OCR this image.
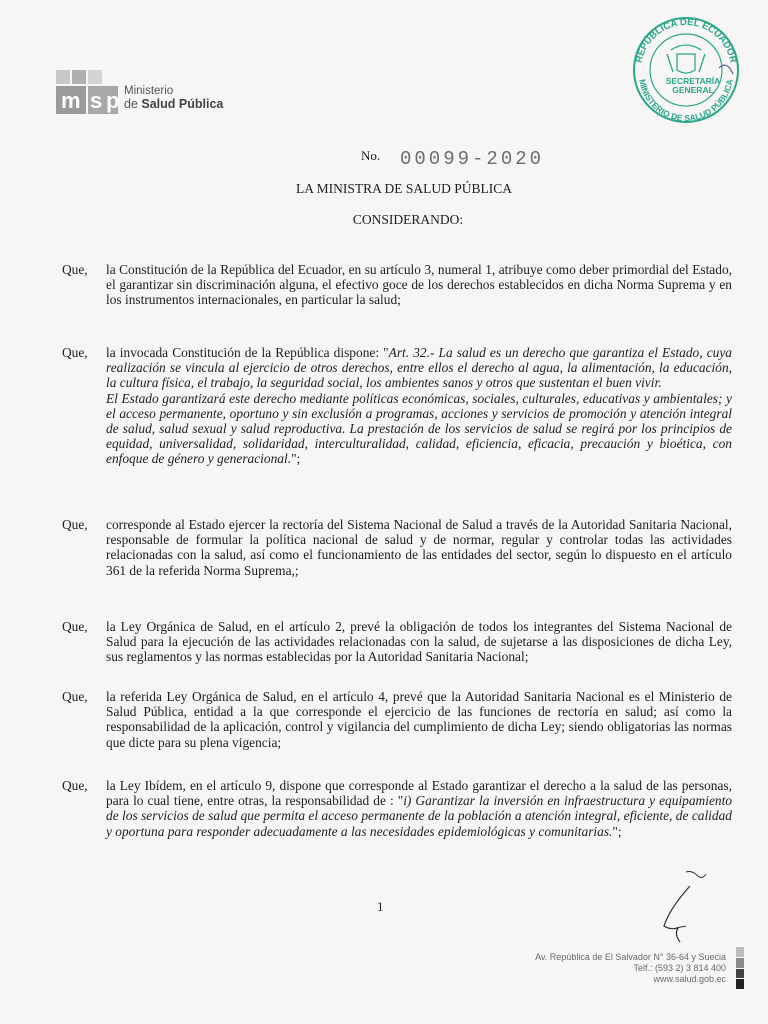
m s p Ministerio
de Salud Pública
REPÚBLICA DEL ECUADOR
MINISTERIO DE SALUD PÚBLICA
SECRETARÍA
GENERAL
No. 00099-2020
LA MINISTRA DE SALUD PÚBLICA
CONSIDERANDO:
Que,	la Constitución de la República del Ecuador, en su artículo 3, numeral 1, atribuye como deber primordial del Estado, el garantizar sin discriminación alguna, el efectivo goce de los derechos establecidos en dicha Norma Suprema y en los instrumentos internacionales, en particular la salud;
Que,	la invocada Constitución de la República dispone: "Art. 32.- La salud es un derecho que garantiza el Estado, cuya realización se vincula al ejercicio de otros derechos, entre ellos el derecho al agua, la alimentación, la educación, la cultura física, el trabajo, la seguridad social, los ambientes sanos y otros que sustentan el buen vivir.
El Estado garantizará este derecho mediante políticas económicas, sociales, culturales, educativas y ambientales; y el acceso permanente, oportuno y sin exclusión a programas, acciones y servicios de promoción y atención integral de salud, salud sexual y salud reproductiva. La prestación de los servicios de salud se regirá por los principios de equidad, universalidad, solidaridad, interculturalidad, calidad, eficiencia, eficacia, precaución y bioética, con enfoque de género y generacional.";
Que,	corresponde al Estado ejercer la rectoría del Sistema Nacional de Salud a través de la Autoridad Sanitaria Nacional, responsable de formular la política nacional de salud y de normar, regular y controlar todas las actividades relacionadas con la salud, así como el funcionamiento de las entidades del sector, según lo dispuesto en el artículo 361 de la referida Norma Suprema,;
Que,	la Ley Orgánica de Salud, en el artículo 2, prevé la obligación de todos los integrantes del Sistema Nacional de Salud para la ejecución de las actividades relacionadas con la salud, de sujetarse a las disposiciones de dicha Ley, sus reglamentos y las normas establecidas por la Autoridad Sanitaria Nacional;
Que,	la referida Ley Orgánica de Salud, en el artículo 4, prevé que la Autoridad Sanitaria Nacional es el Ministerio de Salud Pública, entidad a la que corresponde el ejercicio de las funciones de rectoría en salud; así como la responsabilidad de la aplicación, control y vigilancia del cumplimiento de dicha Ley; siendo obligatorias las normas que dicte para su plena vigencia;
Que,	la Ley Ibídem, en el artículo 9, dispone que corresponde al Estado garantizar el derecho a la salud de las personas, para lo cual tiene, entre otras, la responsabilidad de : "i) Garantizar la inversión en infraestructura y equipamiento de los servicios de salud que permita el acceso permanente de la población a atención integral, eficiente, de calidad y oportuna para responder adecuadamente a las necesidades epidemiológicas y comunitarias.";
1
Av. República de El Salvador N° 36-64 y Suecia
Telf.: (593 2) 3 814 400
www.salud.gob.ec
